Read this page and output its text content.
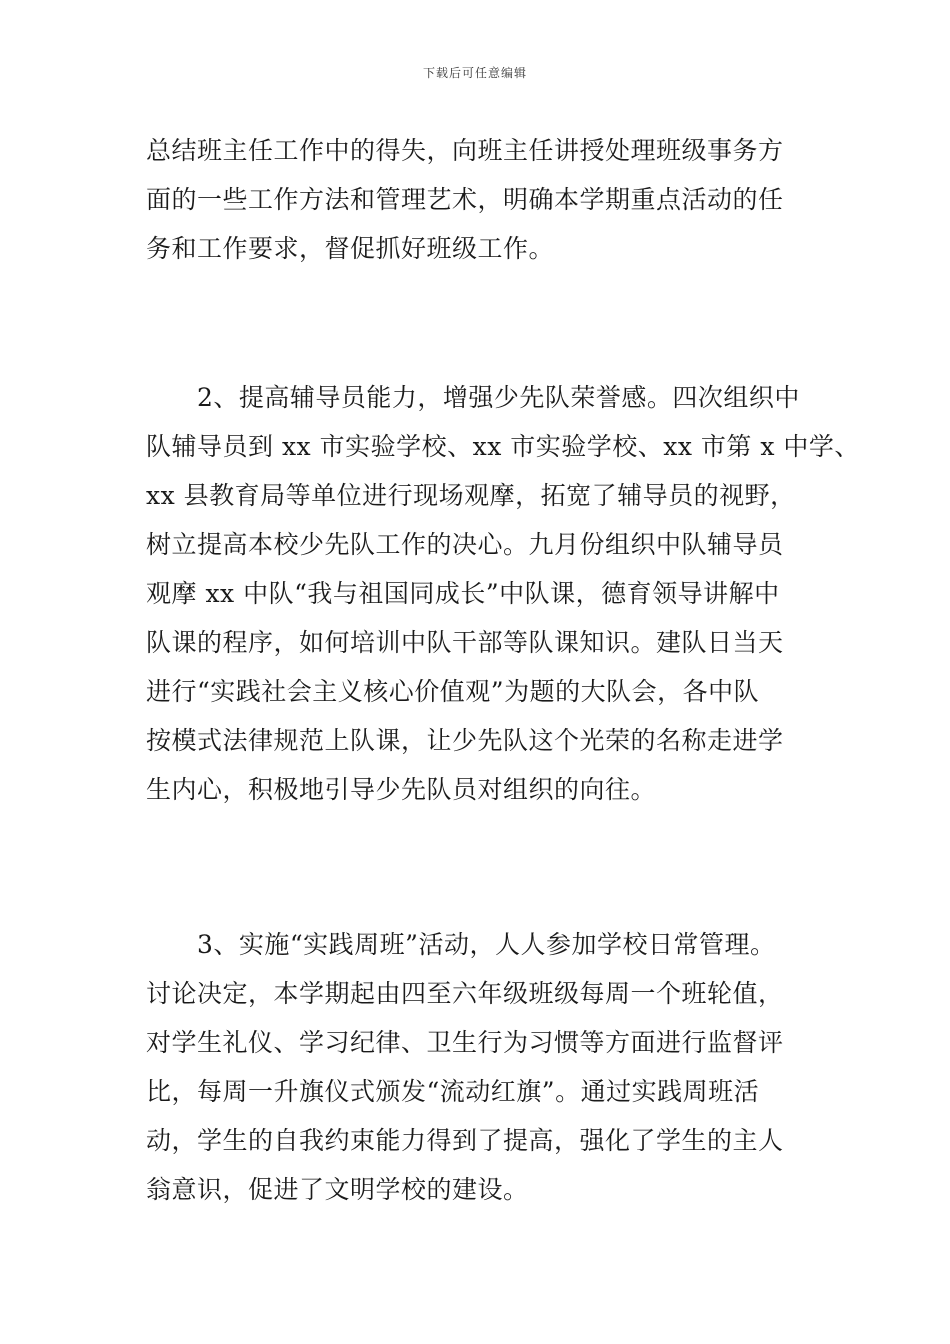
下载后可任意编辑
总结班主任工作中的得失，向班主任讲授处理班级事务方
面的一些工作方法和管理艺术，明确本学期重点活动的任
务和工作要求，督促抓好班级工作。
　　2、提高辅导员能力，增强少先队荣誉感。四次组织中
队辅导员到 xx 市实验学校、xx 市实验学校、xx 市第 x 中学、
xx 县教育局等单位进行现场观摩，拓宽了辅导员的视野，
树立提高本校少先队工作的决心。九月份组织中队辅导员
观摩 xx 中队“我与祖国同成长”中队课，德育领导讲解中
队课的程序，如何培训中队干部等队课知识。建队日当天
进行“实践社会主义核心价值观”为题的大队会，各中队
按模式法律规范上队课，让少先队这个光荣的名称走进学
生内心，积极地引导少先队员对组织的向往。
　　3、实施“实践周班”活动，人人参加学校日常管理。
讨论决定，本学期起由四至六年级班级每周一个班轮值，
对学生礼仪、学习纪律、卫生行为习惯等方面进行监督评
比，每周一升旗仪式颁发“流动红旗”。通过实践周班活
动，学生的自我约束能力得到了提高，强化了学生的主人
翁意识，促进了文明学校的建设。
